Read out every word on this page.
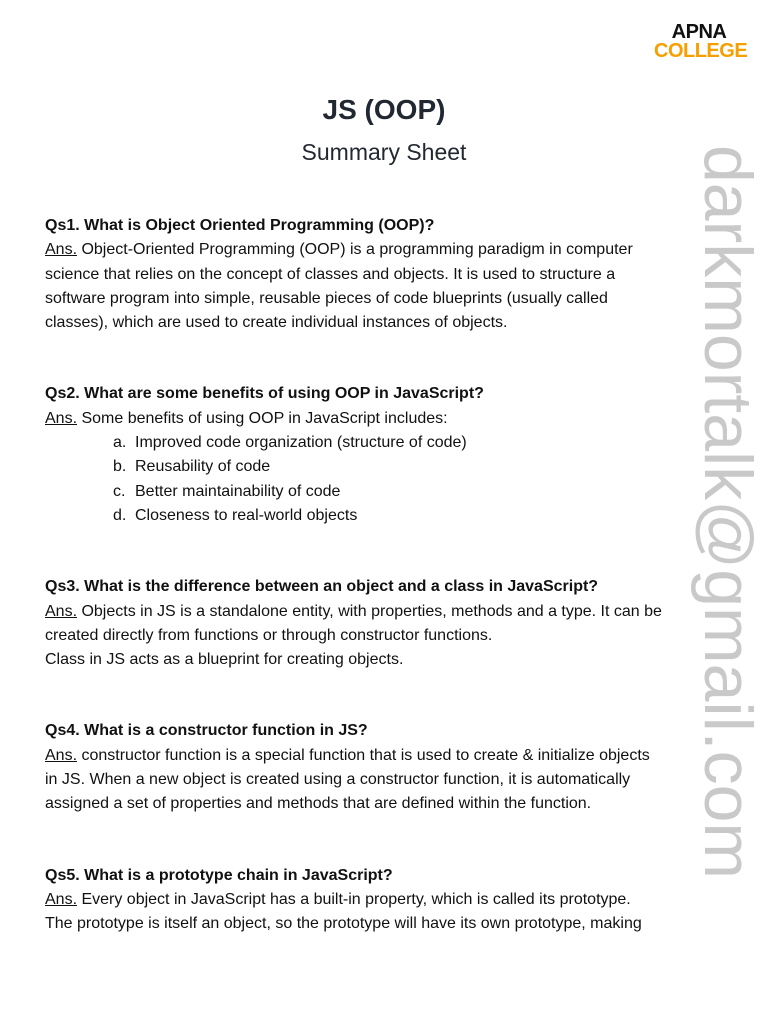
APNA
COLLEGE
darkmortalk@gmail.com
JS (OOP)
Summary Sheet
Qs1. What is Object Oriented Programming (OOP)?
Ans. Object-Oriented Programming (OOP) is a programming paradigm in computer
science that relies on the concept of classes and objects. It is used to structure a
software program into simple, reusable pieces of code blueprints (usually called
classes), which are used to create individual instances of objects.
Qs2. What are some benefits of using OOP in JavaScript?
Ans. Some benefits of using OOP in JavaScript includes:
a. Improved code organization (structure of code)
b. Reusability of code
c. Better maintainability of code
d. Closeness to real-world objects
Qs3. What is the difference between an object and a class in JavaScript?
Ans. Objects in JS is a standalone entity, with properties, methods and a type. It can be
created directly from functions or through constructor functions.
Class in JS acts as a blueprint for creating objects.
Qs4. What is a constructor function in JS?
Ans. constructor function is a special function that is used to create & initialize objects
in JS. When a new object is created using a constructor function, it is automatically
assigned a set of properties and methods that are defined within the function.
Qs5. What is a prototype chain in JavaScript?
Ans. Every object in JavaScript has a built-in property, which is called its prototype.
The prototype is itself an object, so the prototype will have its own prototype, making
